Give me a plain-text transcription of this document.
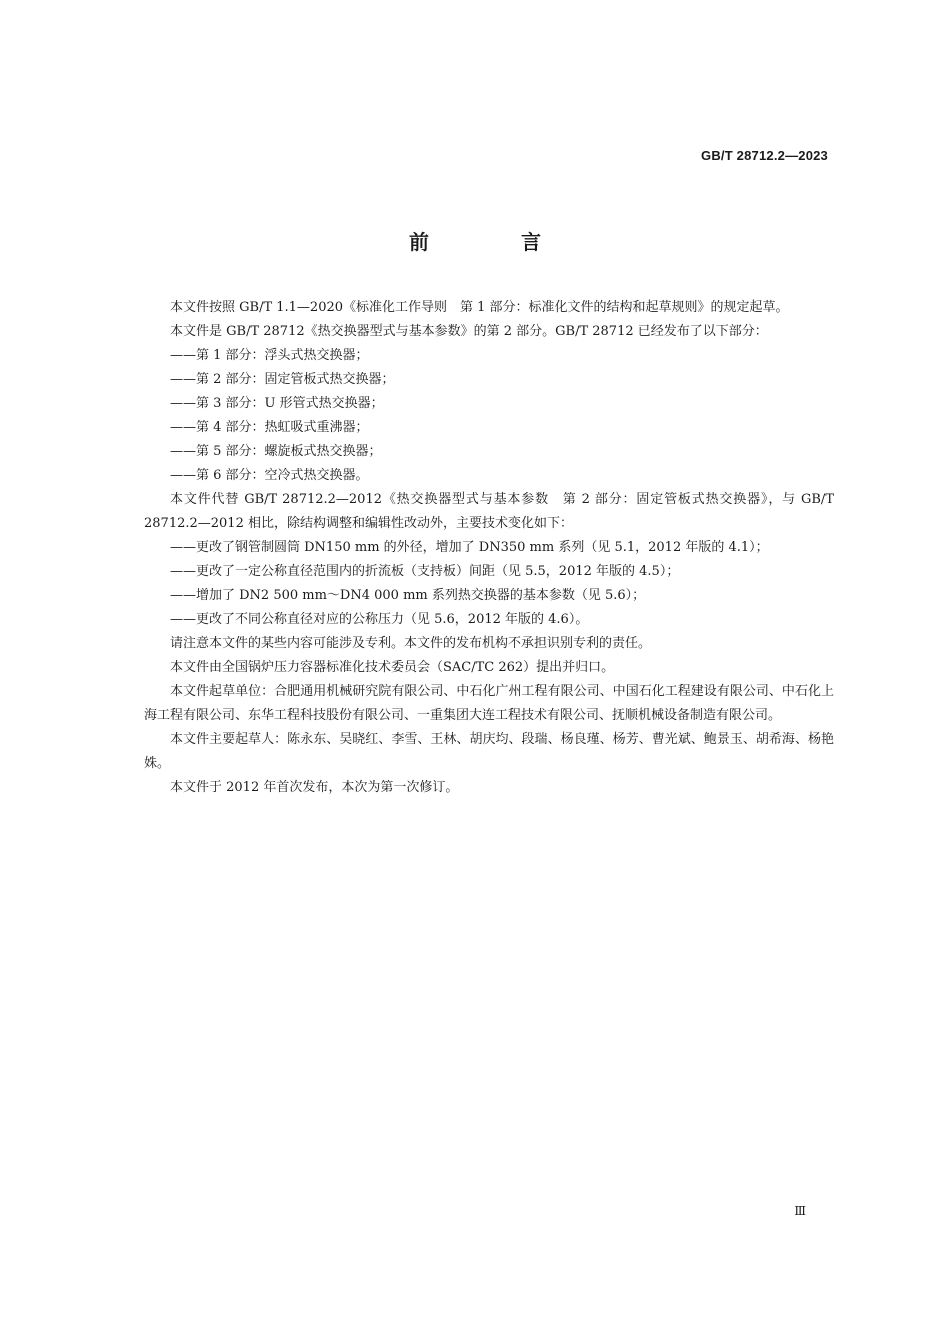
GB/T 28712.2—2023
前　言

本文件按照 GB/T 1.1—2020《标准化工作导则　第 1 部分：标准化文件的结构和起草规则》的规定起草。

本文件是 GB/T 28712《热交换器型式与基本参数》的第 2 部分。GB/T 28712 已经发布了以下部分：

——第 1 部分：浮头式热交换器；

——第 2 部分：固定管板式热交换器；

——第 3 部分：U 形管式热交换器；

——第 4 部分：热虹吸式重沸器；

——第 5 部分：螺旋板式热交换器；

——第 6 部分：空冷式热交换器。

本文件代替 GB/T 28712.2—2012《热交换器型式与基本参数　第 2 部分：固定管板式热交换器》，与 GB/T 28712.2—2012 相比，除结构调整和编辑性改动外，主要技术变化如下：

——更改了钢管制圆筒 DN150 mm 的外径，增加了 DN350 mm 系列（见 5.1，2012 年版的 4.1）；

——更改了一定公称直径范围内的折流板（支持板）间距（见 5.5，2012 年版的 4.5）；

——增加了 DN2 500 mm～DN4 000 mm 系列热交换器的基本参数（见 5.6）；

——更改了不同公称直径对应的公称压力（见 5.6，2012 年版的 4.6）。

请注意本文件的某些内容可能涉及专利。本文件的发布机构不承担识别专利的责任。

本文件由全国锅炉压力容器标准化技术委员会（SAC/TC 262）提出并归口。

本文件起草单位：合肥通用机械研究院有限公司、中石化广州工程有限公司、中国石化工程建设有限公司、中石化上海工程有限公司、东华工程科技股份有限公司、一重集团大连工程技术有限公司、抚顺机械设备制造有限公司。

本文件主要起草人：陈永东、吴晓红、李雪、王林、胡庆均、段瑞、杨良瑾、杨芳、曹光斌、鲍景玉、胡希海、杨艳姝。

本文件于 2012 年首次发布，本次为第一次修订。

Ⅲ
